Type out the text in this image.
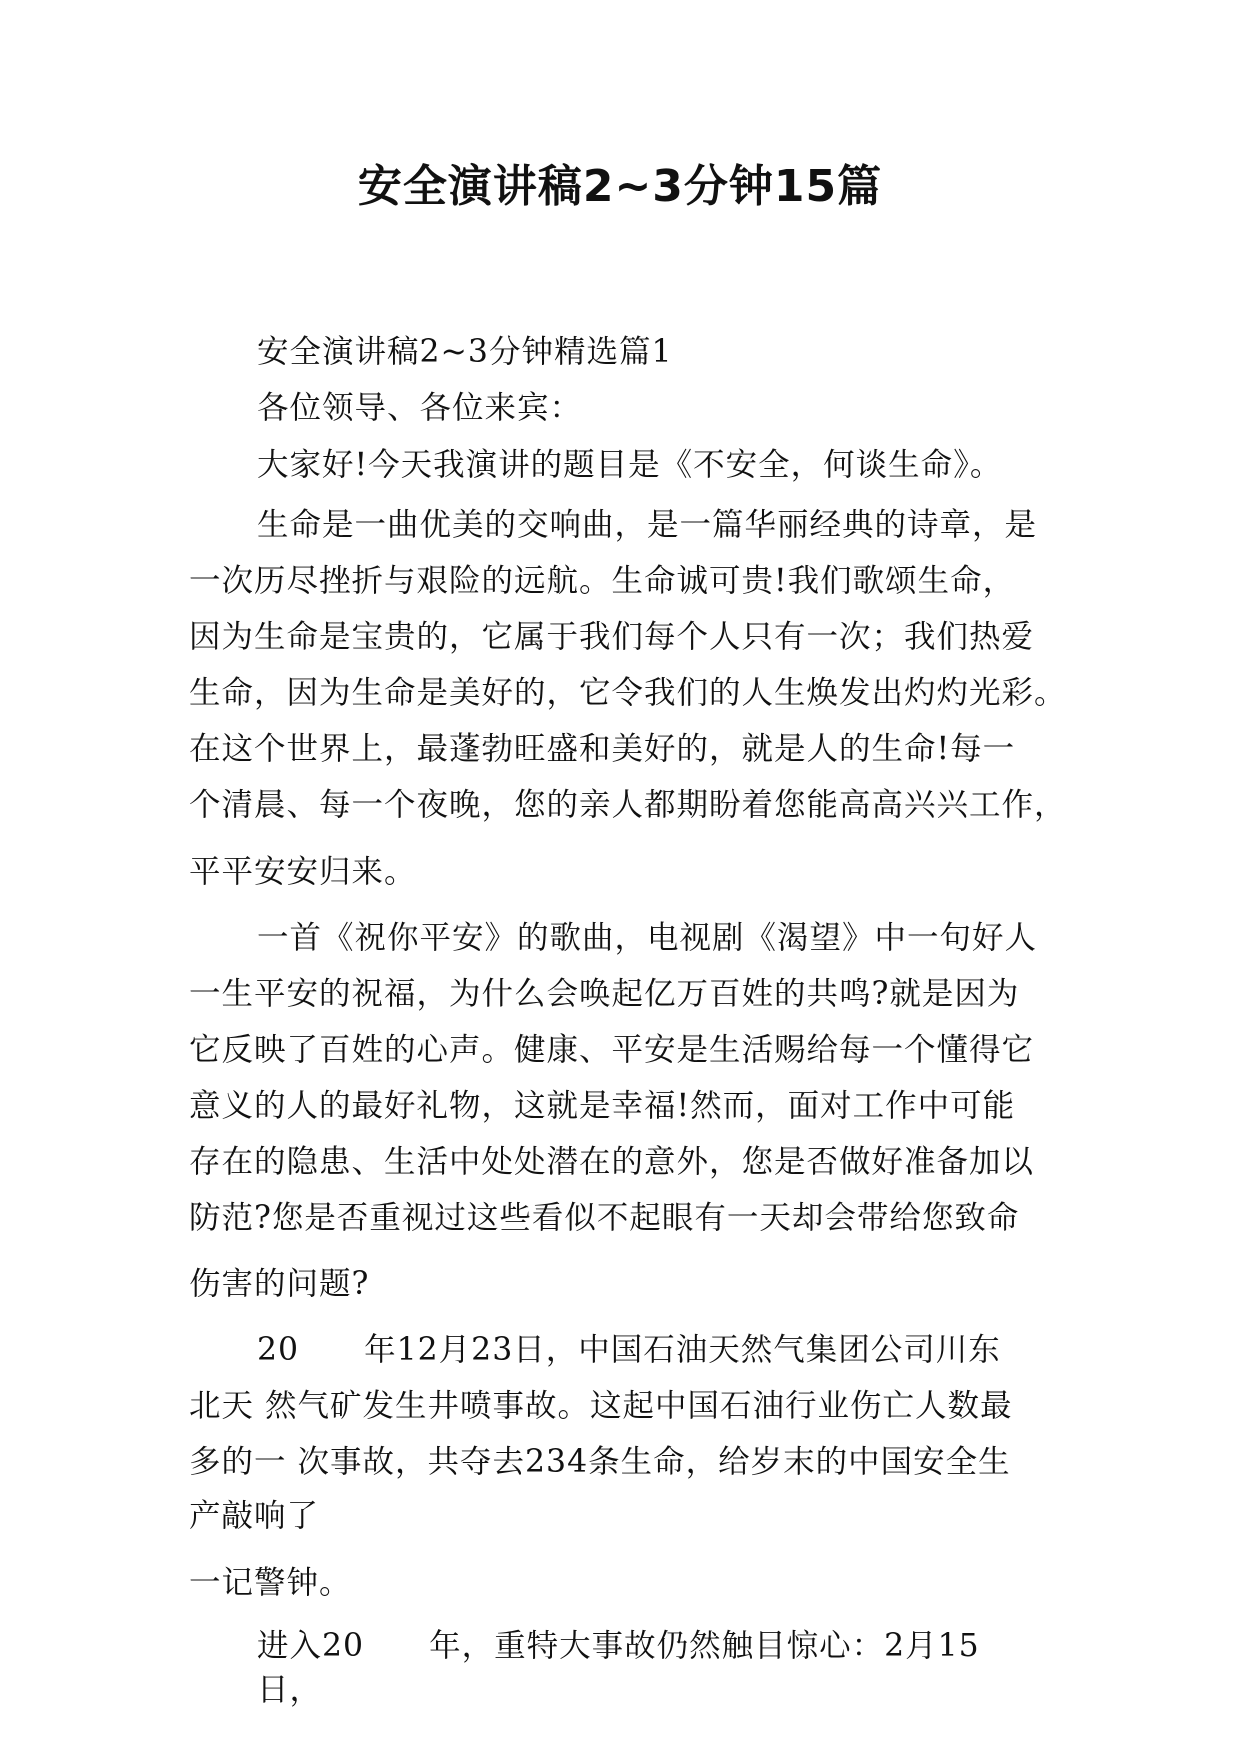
安全演讲稿2~3分钟15篇
安全演讲稿2~3分钟精选篇1
各位领导、各位来宾：
大家好!今天我演讲的题目是《不安全，何谈生命》。
生命是一曲优美的交响曲，是一篇华丽经典的诗章，是
一次历尽挫折与艰险的远航。生命诚可贵!我们歌颂生命，
因为生命是宝贵的，它属于我们每个人只有一次；我们热爱
生命，因为生命是美好的，它令我们的人生焕发出灼灼光彩。
在这个世界上，最蓬勃旺盛和美好的，就是人的生命!每一
个清晨、每一个夜晚，您的亲人都期盼着您能高高兴兴工作，
平平安安归来。
一首《祝你平安》的歌曲，电视剧《渴望》中一句好人
一生平安的祝福，为什么会唤起亿万百姓的共鸣?就是因为
它反映了百姓的心声。健康、平安是生活赐给每一个懂得它
意义的人的最好礼物，这就是幸福!然而，面对工作中可能
存在的隐患、生活中处处潜在的意外，您是否做好准备加以
防范?您是否重视过这些看似不起眼有一天却会带给您致命
伤害的问题?
20　　年12月23日，中国石油天然气集团公司川东
北天 然气矿发生井喷事故。这起中国石油行业伤亡人数最
多的一 次事故，共夺去234条生命，给岁末的中国安全生
产敲响了
一记警钟。
进入20　　年，重特大事故仍然触目惊心：2月15
日，
